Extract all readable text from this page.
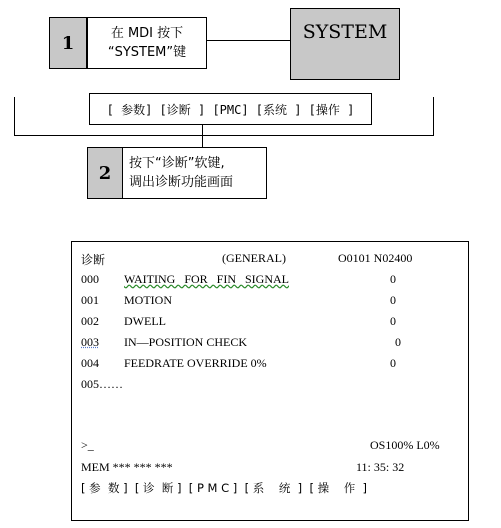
1	在 MDI 按下
“SYSTEM”键
SYSTEM
[ 参数] [诊断 ] [PMC] [系统 ] [操作 ]
2	按下“诊断”软键,
调出诊断功能画面
诊断	(GENERAL)	O0101 N02400
000 WAITING   FOR   FIN   SIGNAL	0
001 MOTION	0
002 DWELL	0
003 IN—POSITION CHECK	0
004 FEEDRATE OVERRIDE 0%	0
005……
>_	OS100% L0%
MEM *** *** ***	11: 35: 32
[ 参  数 ]  [ 诊  断 ]  [ P M C ]  [ 系    统  ]  [ 操    作  ]
